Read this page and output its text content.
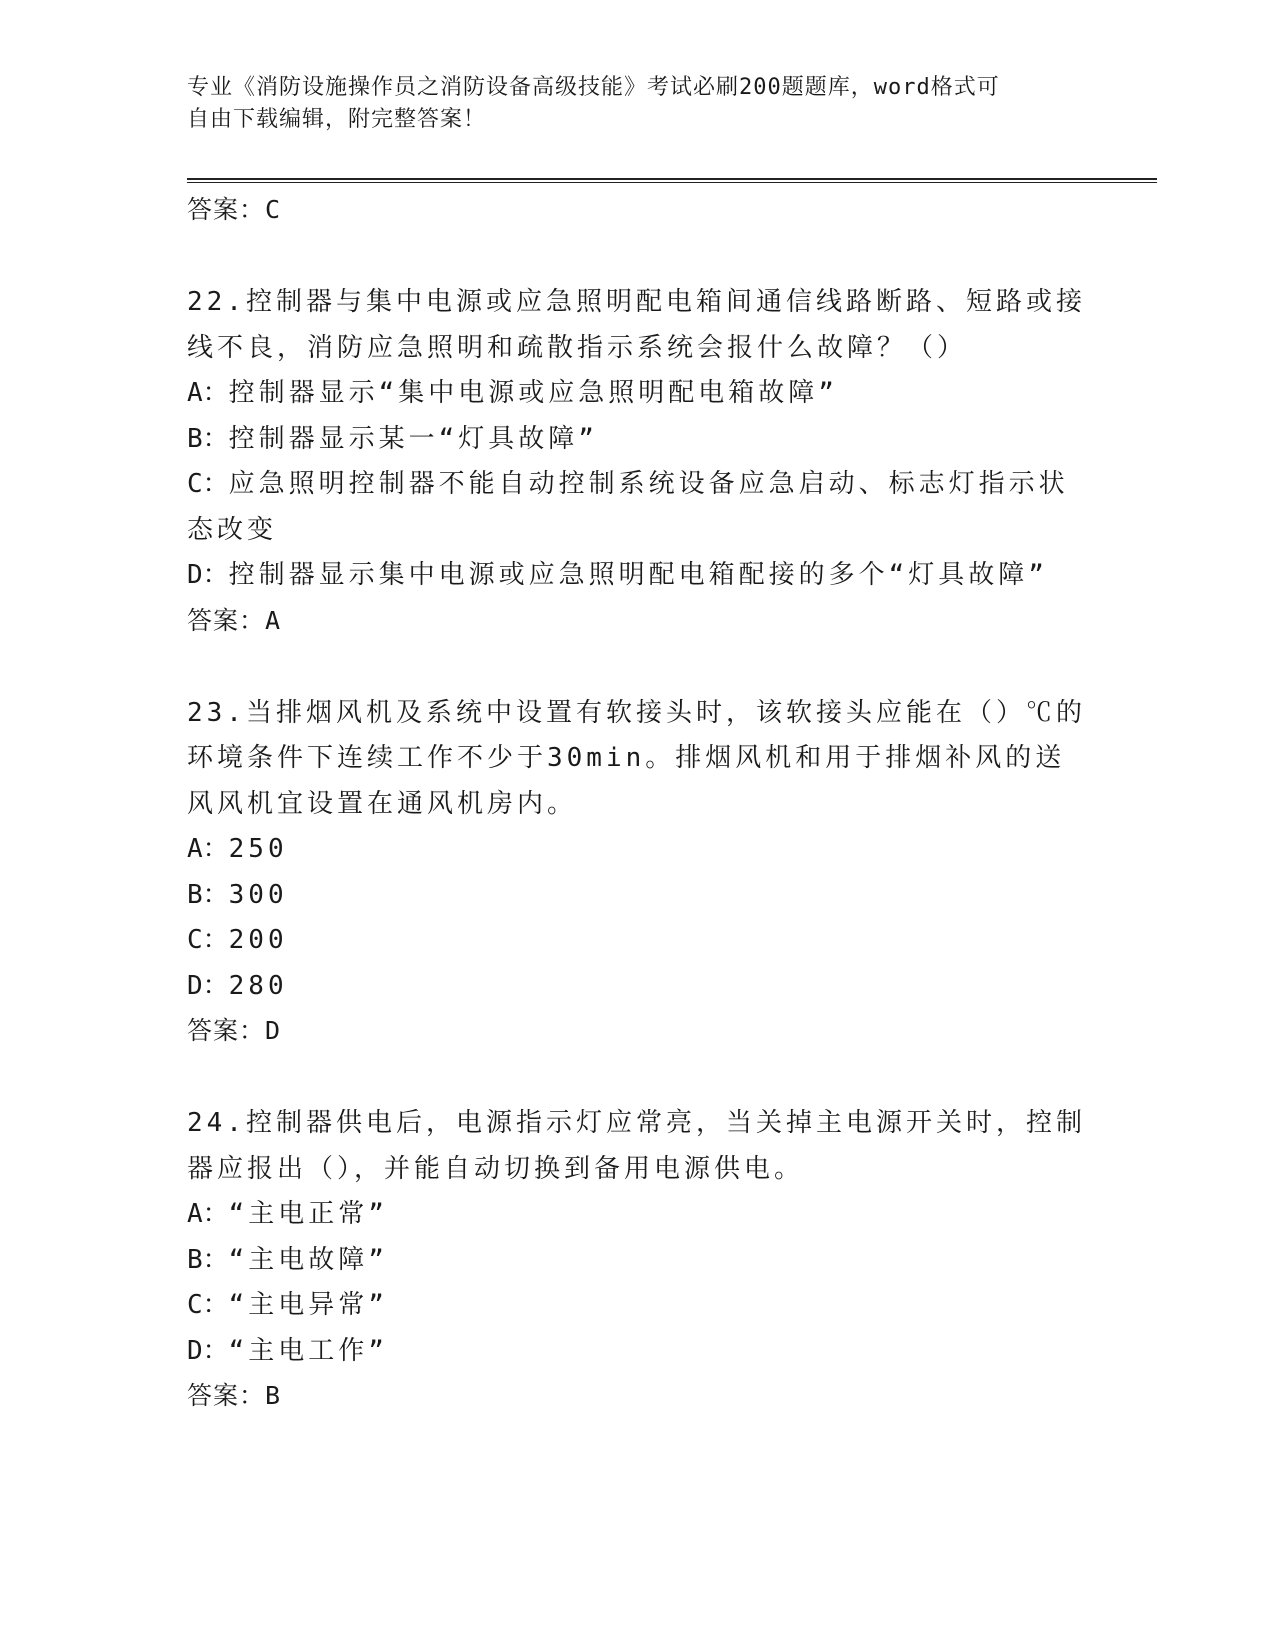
专业《消防设施操作员之消防设备高级技能》考试必刷200题题库，word格式可
自由下载编辑，附完整答案！
答案：C

22.控制器与集中电源或应急照明配电箱间通信线路断路、短路或接线不良，消防应急照明和疏散指示系统会报什么故障？（）

A：控制器显示“集中电源或应急照明配电箱故障”

B：控制器显示某一“灯具故障”

C：应急照明控制器不能自动控制系统设备应急启动、标志灯指示状态改变

D：控制器显示集中电源或应急照明配电箱配接的多个“灯具故障”

答案：A

23.当排烟风机及系统中设置有软接头时，该软接头应能在（）℃的环境条件下连续工作不少于30min。排烟风机和用于排烟补风的送风风机宜设置在通风机房内。

A：250

B：300

C：200

D：280

答案：D

24.控制器供电后，电源指示灯应常亮，当关掉主电源开关时，控制器应报出（），并能自动切换到备用电源供电。

A：“主电正常”

B：“主电故障”

C：“主电异常”

D：“主电工作”

答案：B
